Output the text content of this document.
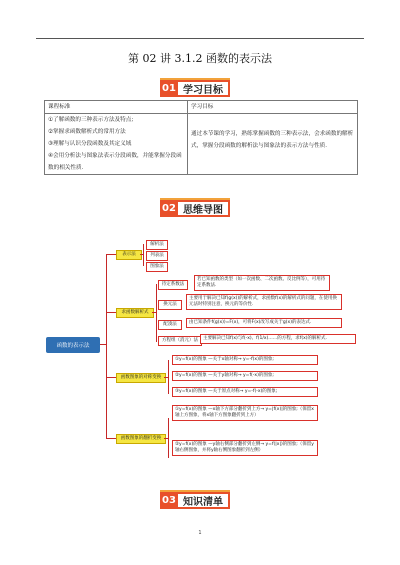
第 02 讲 3.1.2 函数的表示法
01 学习目标
课程标准	学习目标

①了解函数的三种表示方法及特点;
②掌握求函数解析式的常用方法
③理解与认识分段函数及其定义域
④会用分析法与图象法表示分段函数，并能掌握分段函数的相关性质.	通过本节课的学习，熟练掌握函数的三种表示法，会求函数的解析式，掌握分段函数的解析法与图象法的表示方法与性质.
02 思维导图
函数的表示法
表示法
解析法
列表法
图象法
求函数解析式
待定系数法
若已知函数的类型（如一次函数、二次函数、反比例等），可用待定系数法.
换元法
主要用于解决已知f(g(x))的解析式，求函数f(x)的解析式的问题，在使用换元法时特别注意，换元的等价性.
配凑法	由已知条件f(g(x))=F(x)，可将F(x)改写成关于g(x)的表达式.
方程组（消元）法	主要解决已知f(x)与f(-x)、f(1/x)……的方程，求f(x)的解析式.
函数图象的对称变换
①y=f(x)的图象 —关于x轴对称→ y=-f(x)的图象;
②y=f(x)的图象 —关于y轴对称→ y=f(-x)的图象;
③y=f(x)的图象 —关于原点对称→ y=-f(-x)的图象;
函数图象的翻折变换
①y=f(x)的图象 —x轴下方部分翻折到上方→ y=|f(x)|的图象;（保留x轴上方图象，将x轴下方图象翻折到上方）
②y=f(x)的图象 —y轴右侧部分翻折到左侧→ y=f(|x|)的图象;（保留y轴右侧图象，并将y轴右侧图象翻折到左侧）
03 知识清单
1
